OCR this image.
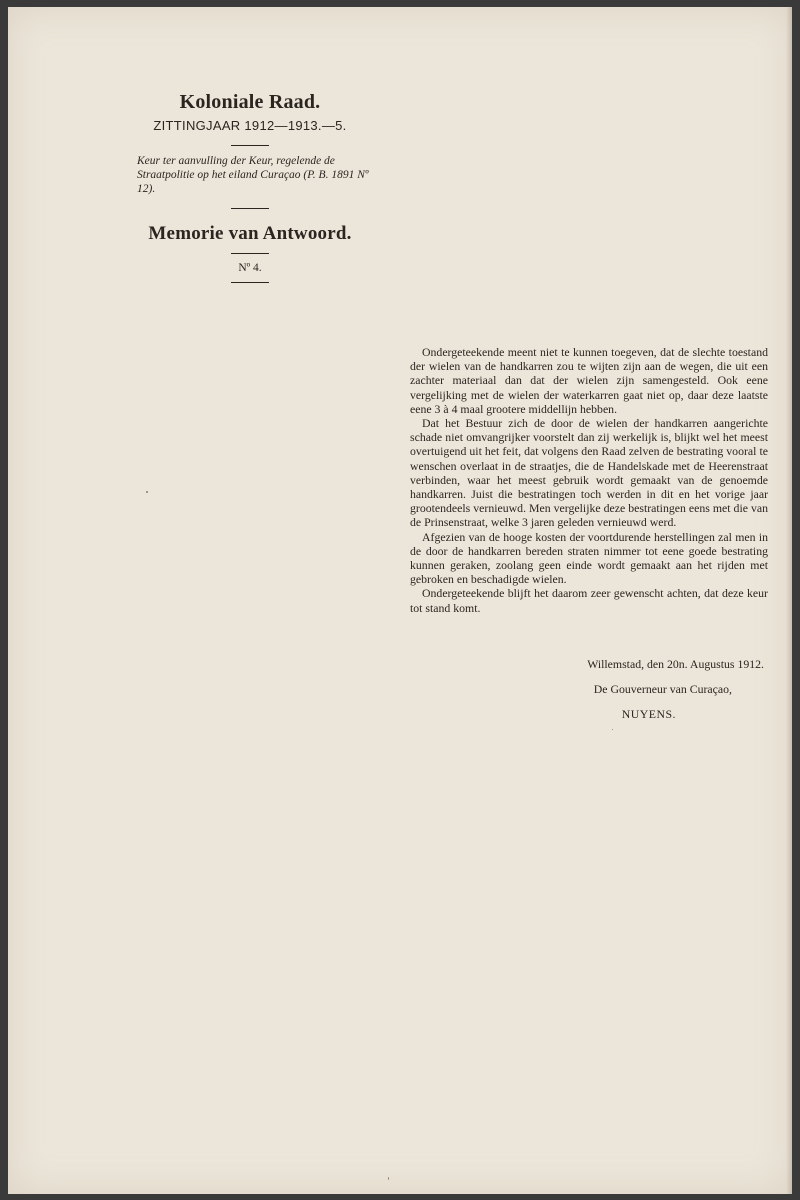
Koloniale Raad.
ZITTINGJAAR 1912—1913.—5.
Keur ter aanvulling der Keur, regelende de Straatpolitie op het eiland Curaçao (P. B. 1891 Nº 12).
Memorie van Antwoord.
Nº 4.

Ondergeteekende meent niet te kunnen toegeven, dat de slechte toestand der wielen van de handkarren zou te wijten zijn aan de wegen, die uit een zachter materiaal dan dat der wielen zijn samengesteld. Ook eene vergelijking met de wielen der waterkarren gaat niet op, daar deze laatste eene 3 à 4 maal grootere middellijn hebben.

Dat het Bestuur zich de door de wielen der handkarren aangerichte schade niet omvangrijker voorstelt dan zij werkelijk is, blijkt wel het meest overtuigend uit het feit, dat volgens den Raad zelven de bestrating vooral te wenschen overlaat in de straatjes, die de Handelskade met de Heerenstraat verbinden, waar het meest gebruik wordt gemaakt van de genoemde handkarren. Juist die bestratingen toch werden in dit en het vorige jaar grootendeels vernieuwd. Men vergelijke deze bestratingen eens met die van de Prinsenstraat, welke 3 jaren geleden vernieuwd werd.

Afgezien van de hooge kosten der voortdurende herstellingen zal men in de door de handkarren bereden straten nimmer tot eene goede bestrating kunnen geraken, zoolang geen einde wordt gemaakt aan het rijden met gebroken en beschadigde wielen.

Ondergeteekende blijft het daarom zeer gewenscht achten, dat deze keur tot stand komt.

Willemstad, den 20n. Augustus 1912.
De Gouverneur van Curaçao,
NUYENS.
